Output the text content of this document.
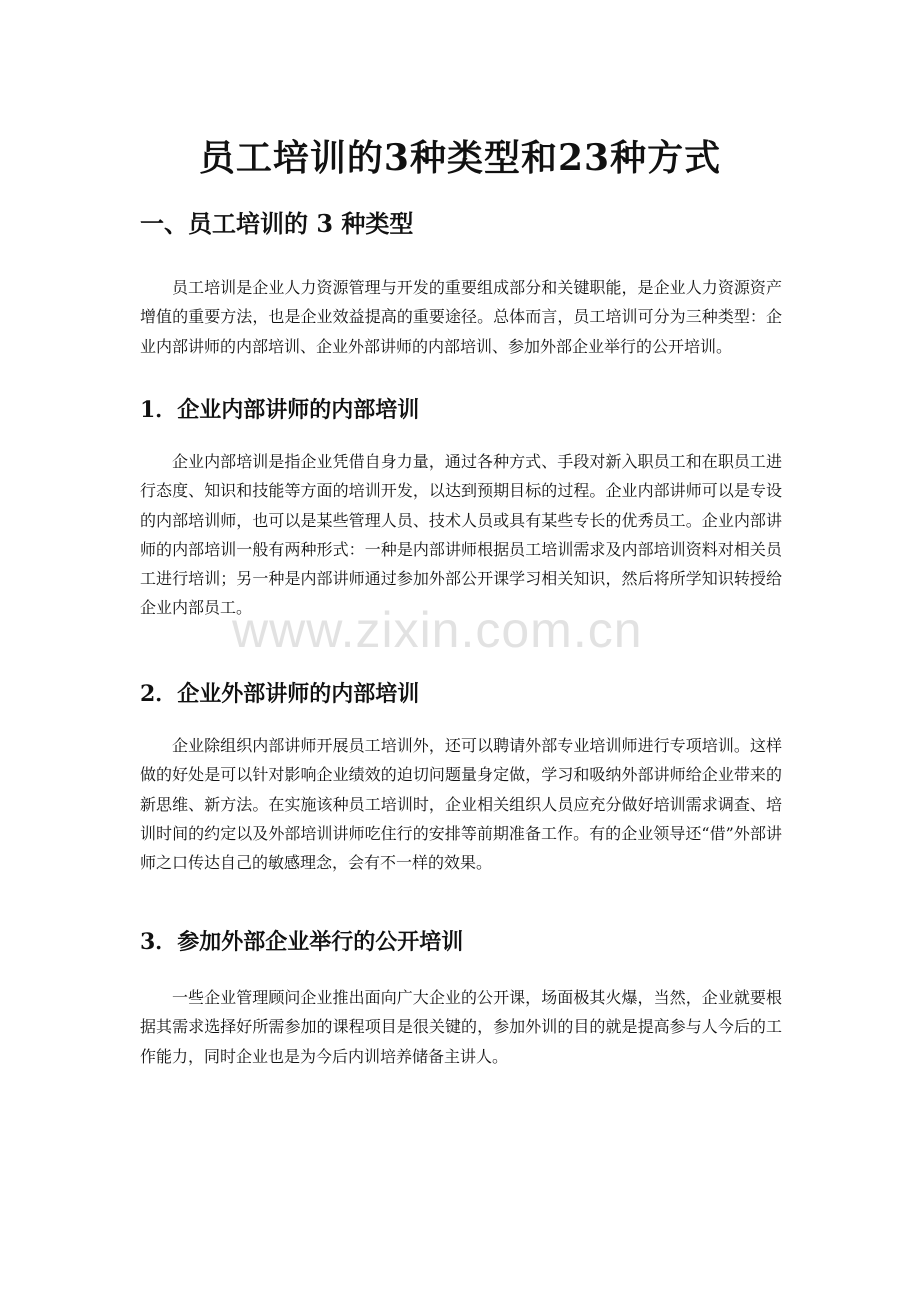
员工培训的3种类型和23种方式
一、员工培训的 3 种类型

员工培训是企业人力资源管理与开发的重要组成部分和关键职能，是企业人力资源资产增值的重要方法，也是企业效益提高的重要途径。总体而言，员工培训可分为三种类型：企业内部讲师的内部培训、企业外部讲师的内部培训、参加外部企业举行的公开培训。

1．企业内部讲师的内部培训

企业内部培训是指企业凭借自身力量，通过各种方式、手段对新入职员工和在职员工进行态度、知识和技能等方面的培训开发，以达到预期目标的过程。企业内部讲师可以是专设的内部培训师，也可以是某些管理人员、技术人员或具有某些专长的优秀员工。企业内部讲师的内部培训一般有两种形式：一种是内部讲师根据员工培训需求及内部培训资料对相关员工进行培训；另一种是内部讲师通过参加外部公开课学习相关知识，然后将所学知识转授给企业内部员工。

2．企业外部讲师的内部培训

企业除组织内部讲师开展员工培训外，还可以聘请外部专业培训师进行专项培训。这样做的好处是可以针对影响企业绩效的迫切问题量身定做，学习和吸纳外部讲师给企业带来的新思维、新方法。在实施该种员工培训时，企业相关组织人员应充分做好培训需求调查、培训时间的约定以及外部培训讲师吃住行的安排等前期准备工作。有的企业领导还“借”外部讲师之口传达自己的敏感理念，会有不一样的效果。

3．参加外部企业举行的公开培训

一些企业管理顾问企业推出面向广大企业的公开课，场面极其火爆，当然，企业就要根据其需求选择好所需参加的课程项目是很关键的，参加外训的目的就是提高参与人今后的工作能力，同时企业也是为今后内训培养储备主讲人。

www.zixin.com.cn
